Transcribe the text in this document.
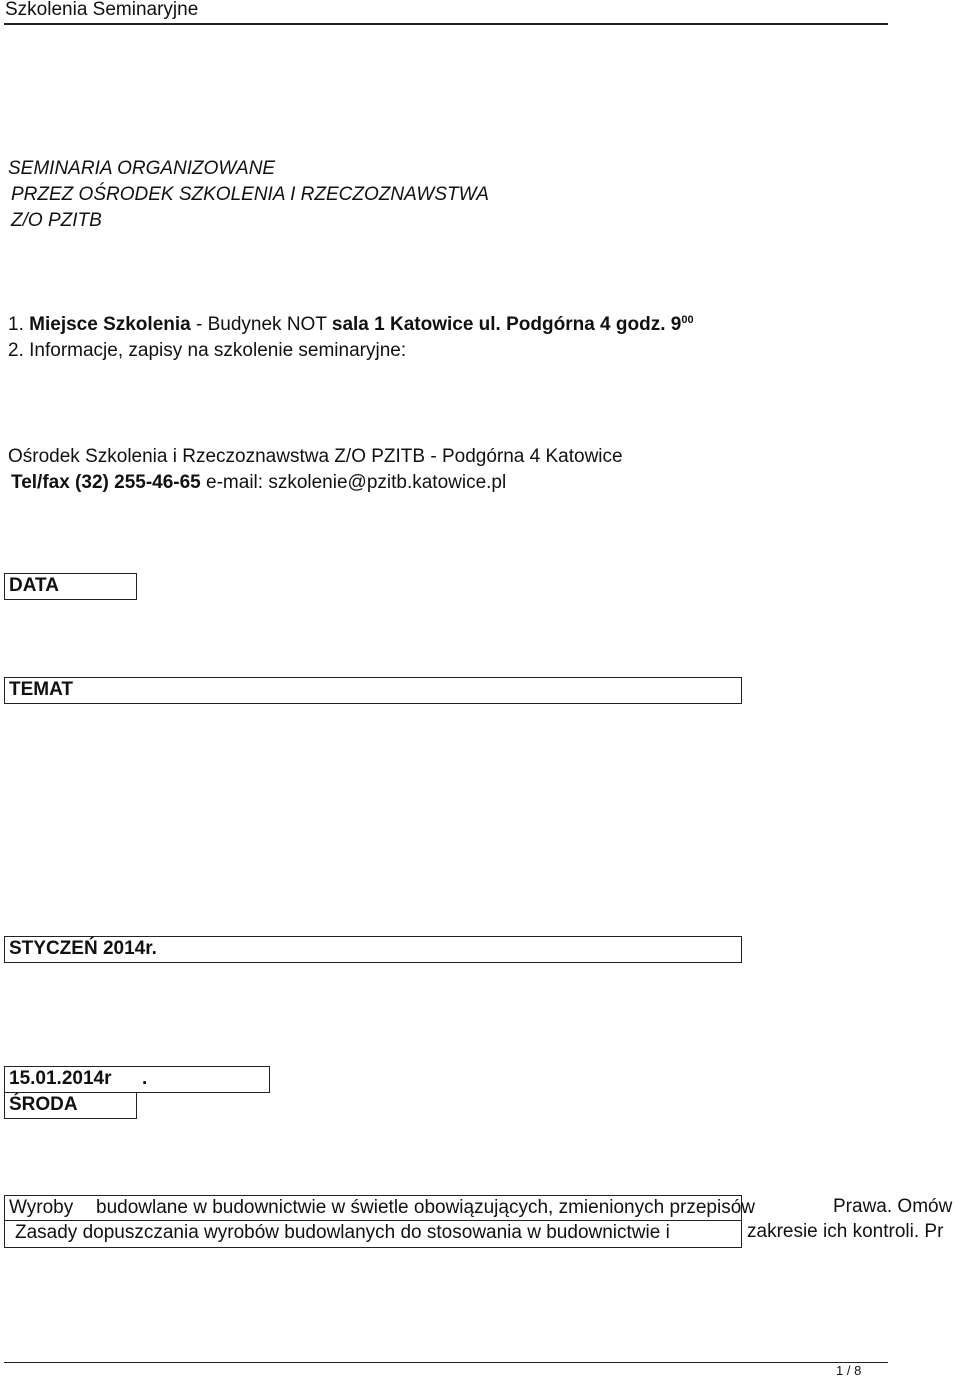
Szkolenia Seminaryjne
SEMINARIA ORGANIZOWANE
PRZEZ OŚRODEK SZKOLENIA I RZECZOZNAWSTWA
Z/O PZITB
1. Miejsce Szkolenia - Budynek NOT sala 1 Katowice ul. Podgórna 4 godz. $9^{00}$
2. Informacje, zapisy na szkolenie seminaryjne:
Ośrodek Szkolenia i Rzeczoznawstwa Z/O PZITB - Podgórna 4 Katowice
Tel/fax (32) 255-46-65 e-mail: szkolenie@pzitb.katowice.pl
DATA
TEMAT
STYCZEŃ 2014r.
15.01.2014r .
ŚRODA
Wyroby budowlane w budownictwie w świetle obowiązujących, zmienionych przepisów	Prawa. Omów
Zasady dopuszczania wyrobów budowlanych do stosowania w budownictwie i	zakresie ich kontroli. Pr
1 / 8
